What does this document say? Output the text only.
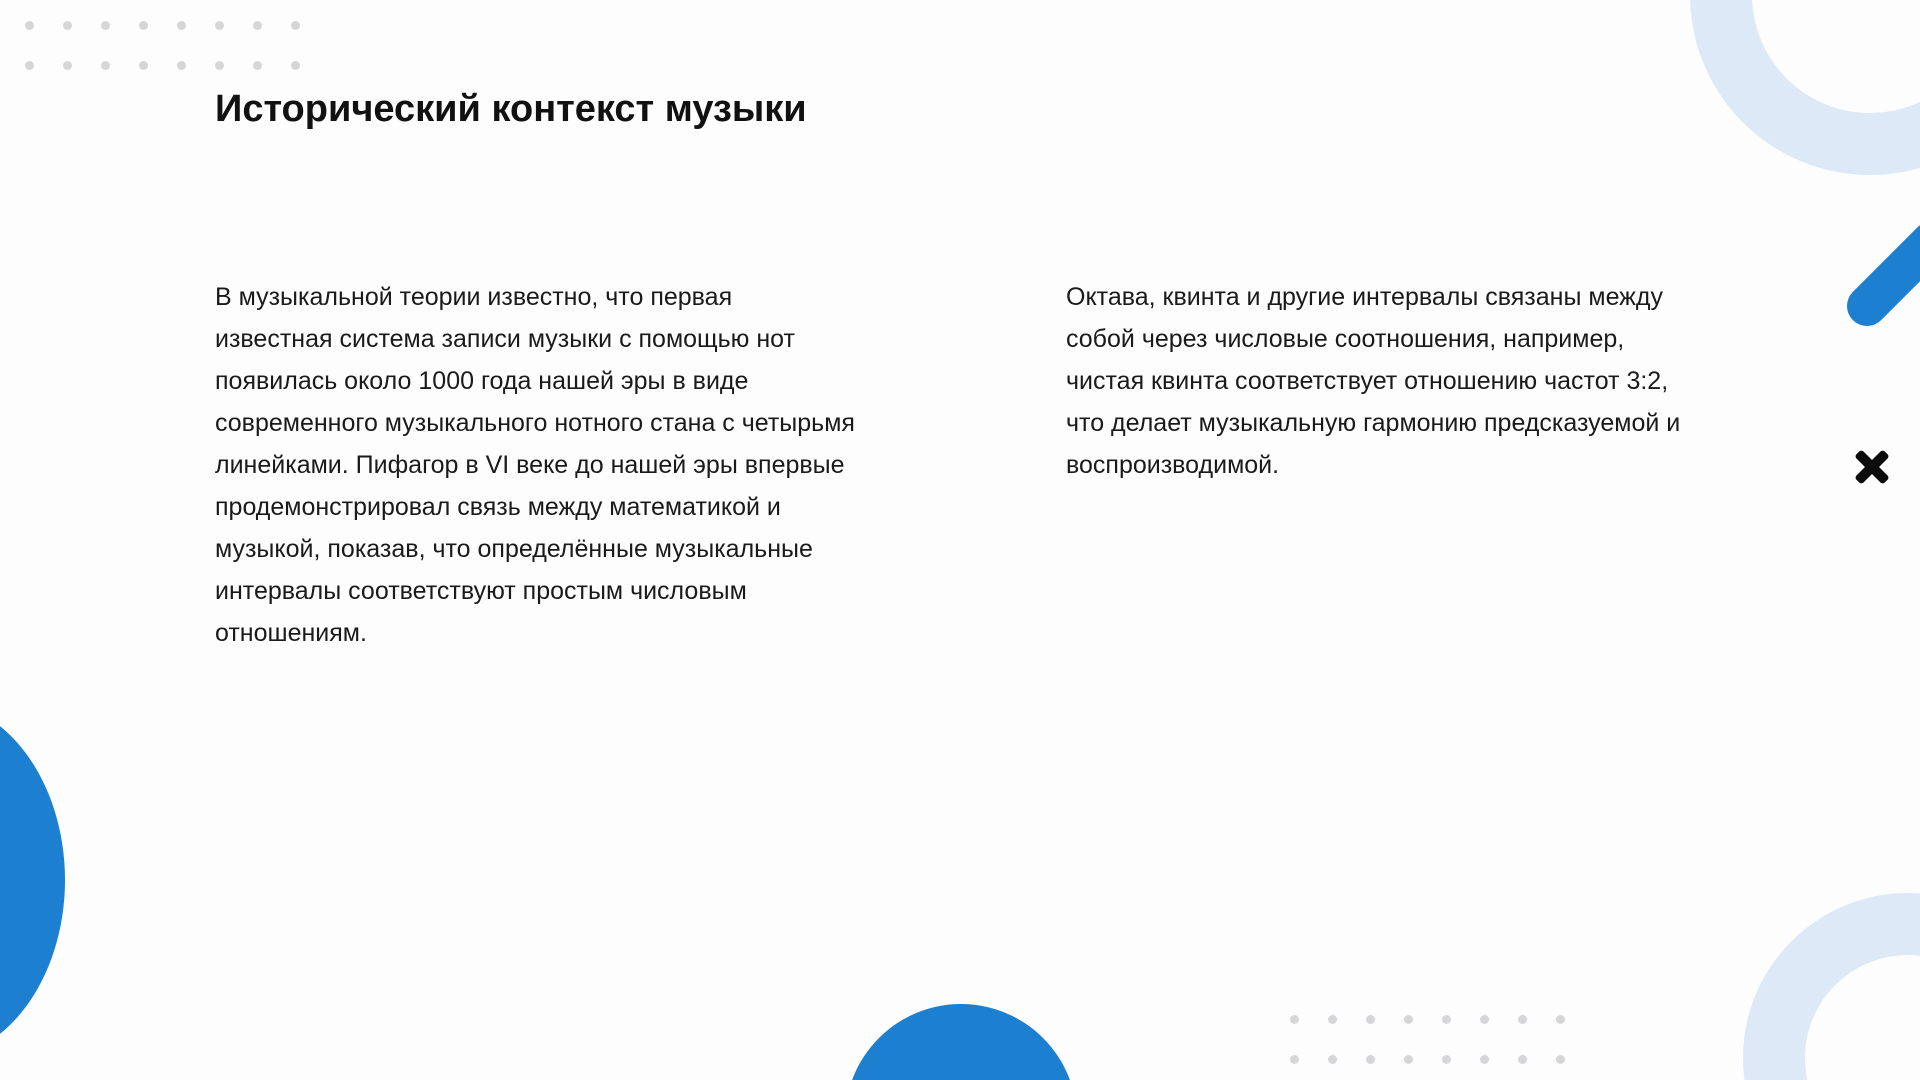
Исторический контекст музыки

В музыкальной теории известно, что первая известная система записи музыки с помощью нот появилась около 1000 года нашей эры в виде современного музыкального нотного стана с четырьмя линейками. Пифагор в VI веке до нашей эры впервые продемонстрировал связь между математикой и музыкой, показав, что определённые музыкальные интервалы соответствуют простым числовым отношениям.

Октава, квинта и другие интервалы связаны между собой через числовые соотношения, например, чистая квинта соответствует отношению частот 3:2, что делает музыкальную гармонию предсказуемой и воспроизводимой.
